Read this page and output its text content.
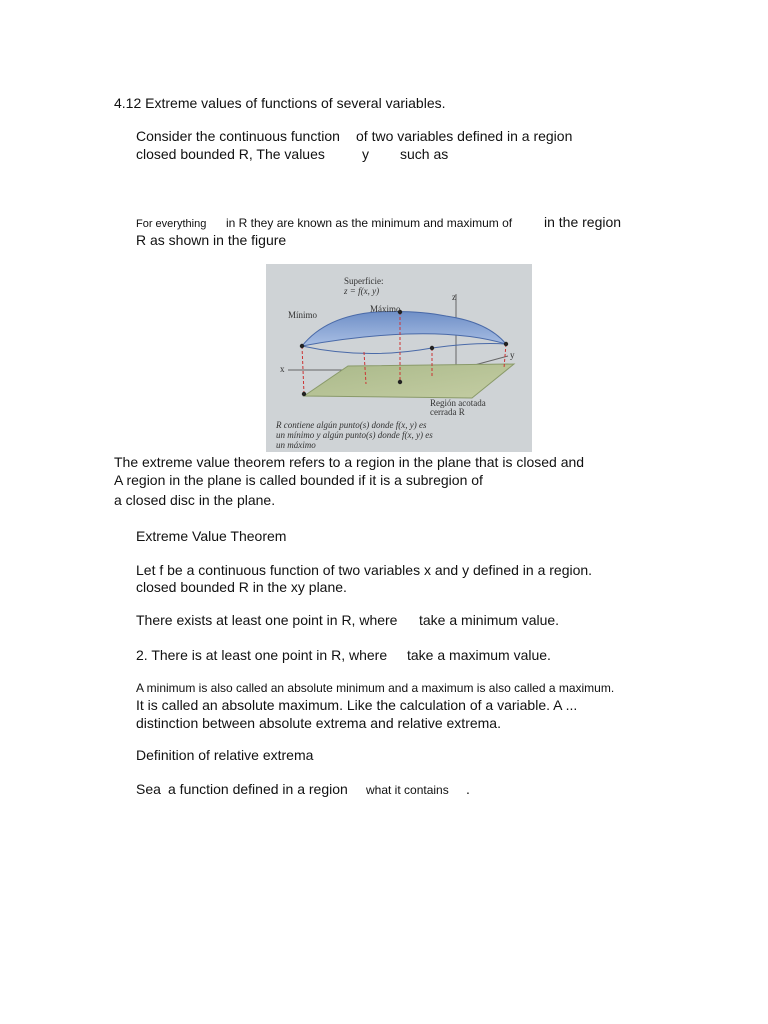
4.12 Extreme values of functions of several variables.
Consider the continuous function of two variables defined in a region
closed bounded R, The values	y such as
For everything in R they are known as the minimum and maximum of in the region
R as shown in the figure
Superficie:
z = f(x, y)
Mínimo
Máximo
z
x
y
Región acotada
cerrada R
R contiene algún punto(s) donde f(x, y) es
un mínimo y algún punto(s) donde f(x, y) es
un máximo
The extreme value theorem refers to a region in the plane that is closed and
A region in the plane is called bounded if it is a subregion of
a closed disc in the plane.
Extreme Value Theorem
Let f be a continuous function of two variables x and y defined in a region.
closed bounded R in the xy plane.
There exists at least one point in R, where take a minimum value.
2. There is at least one point in R, where take a maximum value.
A minimum is also called an absolute minimum and a maximum is also called a maximum.
It is called an absolute maximum. Like the calculation of a variable. A ...
distinction between absolute extrema and relative extrema.
Definition of relative extrema
Sea a function defined in a region what it contains .
